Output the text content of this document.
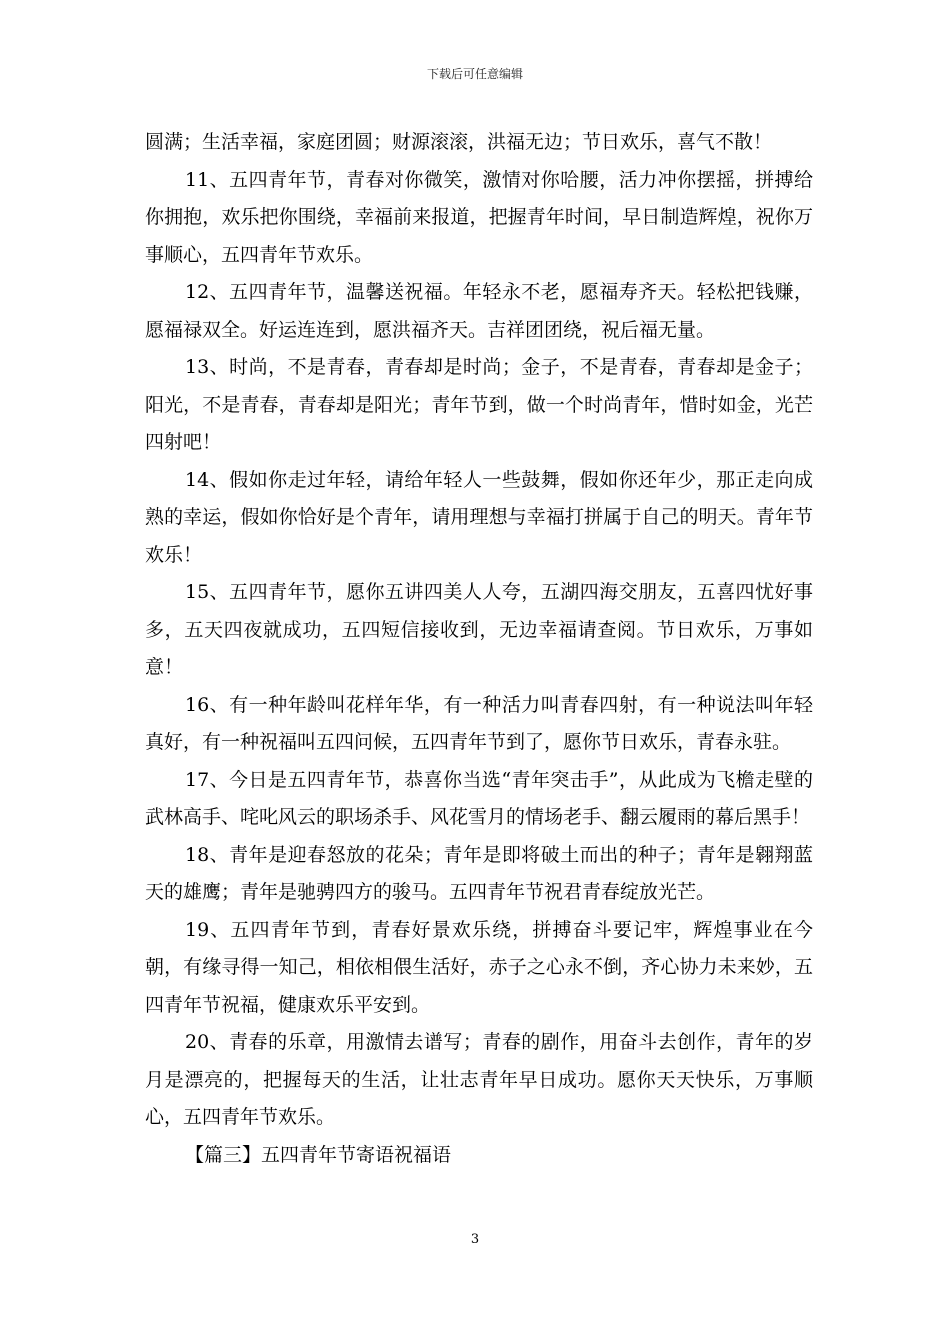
下载后可任意编辑

圆满；生活幸福，家庭团圆；财源滚滚，洪福无边；节日欢乐，喜气不散！

11、五四青年节，青春对你微笑，激情对你哈腰，活力冲你摆摇，拼搏给你拥抱，欢乐把你围绕，幸福前来报道，把握青年时间，早日制造辉煌，祝你万事顺心，五四青年节欢乐。

12、五四青年节，温馨送祝福。年轻永不老，愿福寿齐天。轻松把钱赚，愿福禄双全。好运连连到，愿洪福齐天。吉祥团团绕，祝后福无量。

13、时尚，不是青春，青春却是时尚；金子，不是青春，青春却是金子；阳光，不是青春，青春却是阳光；青年节到，做一个时尚青年，惜时如金，光芒四射吧！

14、假如你走过年轻，请给年轻人一些鼓舞，假如你还年少，那正走向成熟的幸运，假如你恰好是个青年，请用理想与幸福打拼属于自己的明天。青年节欢乐！

15、五四青年节，愿你五讲四美人人夸，五湖四海交朋友，五喜四忧好事多，五天四夜就成功，五四短信接收到，无边幸福请查阅。节日欢乐，万事如意！

16、有一种年龄叫花样年华，有一种活力叫青春四射，有一种说法叫年轻真好，有一种祝福叫五四问候，五四青年节到了，愿你节日欢乐，青春永驻。

17、今日是五四青年节，恭喜你当选“青年突击手”，从此成为飞檐走壁的武林高手、咤叱风云的职场杀手、风花雪月的情场老手、翻云履雨的幕后黑手！

18、青年是迎春怒放的花朵；青年是即将破土而出的种子；青年是翱翔蓝天的雄鹰；青年是驰骋四方的骏马。五四青年节祝君青春绽放光芒。

19、五四青年节到，青春好景欢乐绕，拼搏奋斗要记牢，辉煌事业在今朝，有缘寻得一知己，相依相偎生活好，赤子之心永不倒，齐心协力未来妙，五四青年节祝福，健康欢乐平安到。

20、青春的乐章，用激情去谱写；青春的剧作，用奋斗去创作，青年的岁月是漂亮的，把握每天的生活，让壮志青年早日成功。愿你天天快乐，万事顺心，五四青年节欢乐。

【篇三】五四青年节寄语祝福语

3
